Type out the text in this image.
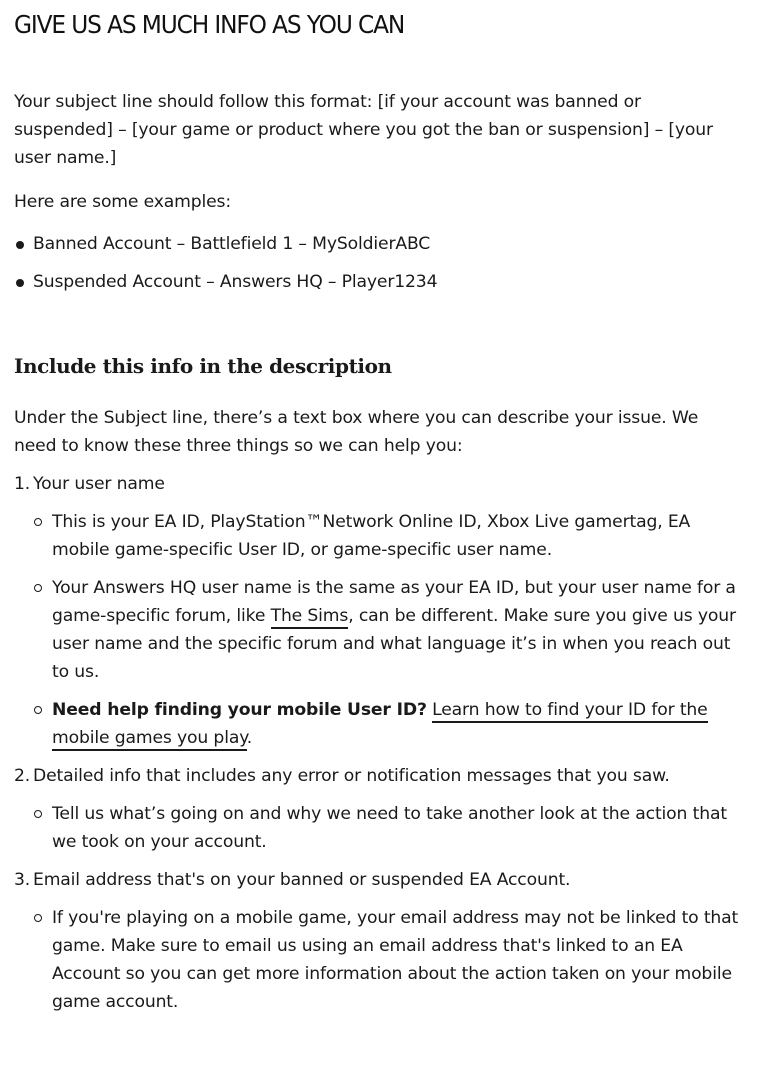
GIVE US AS MUCH INFO AS YOU CAN

Your subject line should follow this format: [if your account was banned or suspended] – [your game or product where you got the ban or suspension] – [your user name.]

Here are some examples:

Banned Account – Battlefield 1 – MySoldierABC
Suspended Account – Answers HQ – Player1234
Include this info in the description

Under the Subject line, there’s a text box where you can describe your issue. We need to know these three things so we can help you:

1. Your user name
This is your EA ID, PlayStation™Network Online ID, Xbox Live gamertag, EA mobile game-specific User ID, or game-specific user name.
Your Answers HQ user name is the same as your EA ID, but your user name for a game-specific forum, like The Sims, can be different. Make sure you give us your user name and the specific forum and what language it’s in when you reach out to us.
Need help finding your mobile User ID? Learn how to find your ID for the mobile games you play.
2. Detailed info that includes any error or notification messages that you saw.
Tell us what’s going on and why we need to take another look at the action that we took on your account.
3. Email address that's on your banned or suspended EA Account.
If you're playing on a mobile game, your email address may not be linked to that game. Make sure to email us using an email address that's linked to an EA Account so you can get more information about the action taken on your mobile game account.
